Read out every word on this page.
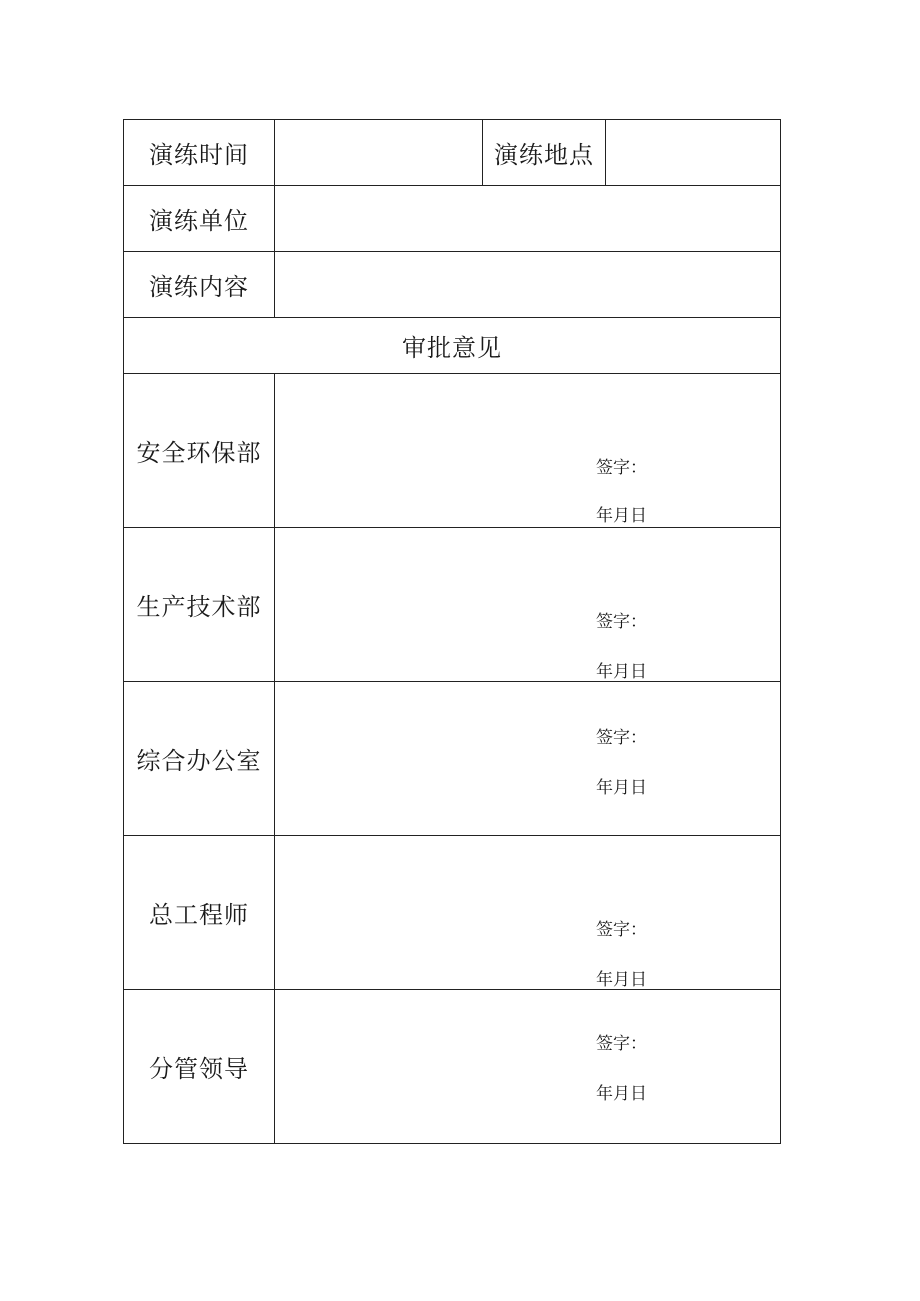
演练时间		演练地点	
演练单位			
演练内容			
审批意见			
安全环保部	签字：
年月日		

生产技术部	签字：
年月日		

综合办公室	签字：
年月日		

总工程师	签字：
年月日		

分管领导	签字：
年月日		
